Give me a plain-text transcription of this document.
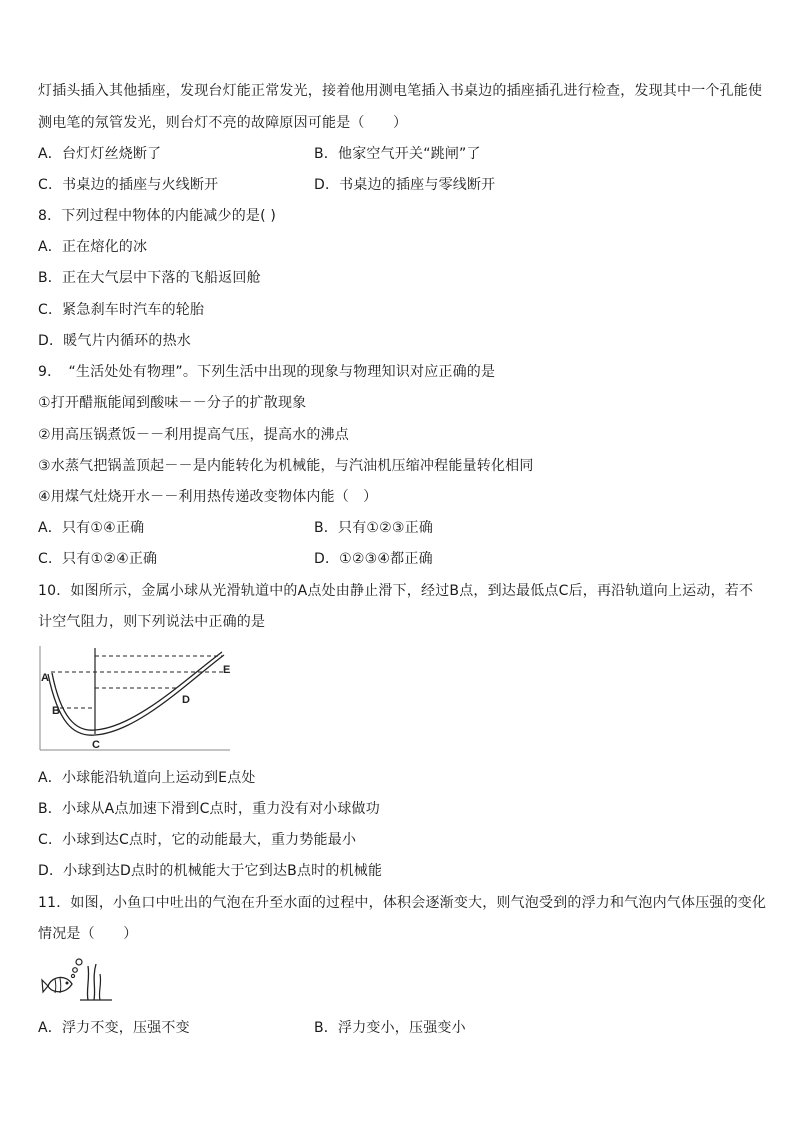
灯插头插入其他插座，发现台灯能正常发光，接着他用测电笔插入书桌边的插座插孔进行检查，发现其中一个孔能使
测电笔的氖管发光，则台灯不亮的故障原因可能是（　　）
A．台灯灯丝烧断了	B．他家空气开关“跳闸”了
C．书桌边的插座与火线断开	D．书桌边的插座与零线断开
8．下列过程中物体的内能减少的是( )
A．正在熔化的冰
B．正在大气层中下落的飞船返回舱
C．紧急刹车时汽车的轮胎
D．暖气片内循环的热水
9．　“生活处处有物理”。下列生活中出现的现象与物理知识对应正确的是
①打开醋瓶能闻到酸味－－分子的扩散现象
②用高压锅煮饭－－利用提高气压，提高水的沸点
③水蒸气把锅盖顶起－－是内能转化为机械能，与汽油机压缩冲程能量转化相同
④用煤气灶烧开水－－利用热传递改变物体内能（　）
A．只有①④正确	B．只有①②③正确
C．只有①②④正确	D．①②③④都正确
10．如图所示，金属小球从光滑轨道中的A点处由静止滑下，经过B点，到达最低点C后，再沿轨道向上运动，若不
计空气阻力，则下列说法中正确的是
A
B
C
D
E
A．小球能沿轨道向上运动到E点处
B．小球从A点加速下滑到C点时，重力没有对小球做功
C．小球到达C点时，它的动能最大，重力势能最小
D．小球到达D点时的机械能大于它到达B点时的机械能
11．如图，小鱼口中吐出的气泡在升至水面的过程中，体积会逐渐变大，则气泡受到的浮力和气泡内气体压强的变化
情况是（　　）
A．浮力不变，压强不变	B．浮力变小，压强变小
